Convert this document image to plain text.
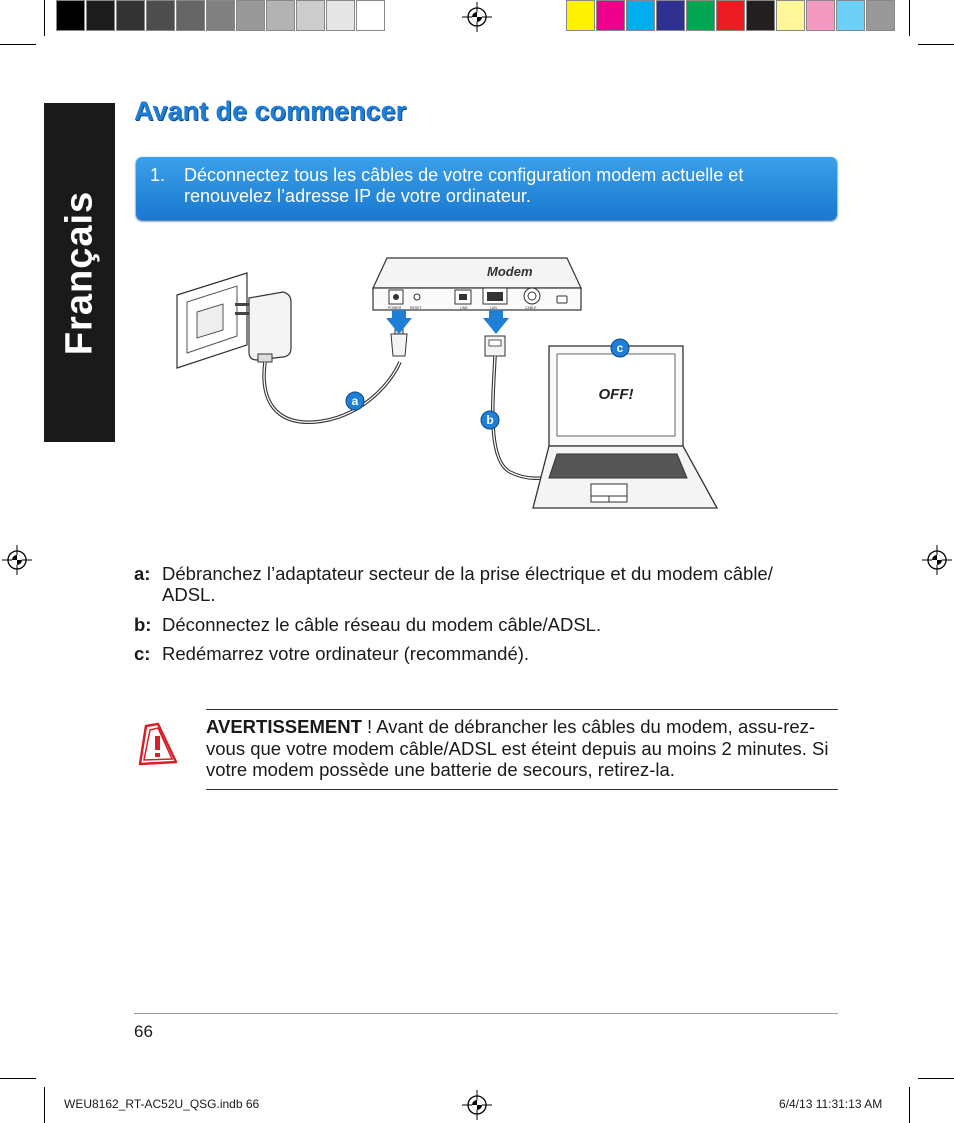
Français
Avant de commencer
1. Déconnectez tous les câbles de votre configuration modem actuelle et renouvelez l’adresse IP de votre ordinateur.
Modem
POWER	RESET	LINE	LAN	CABLE
OFF!
a
b
c
a: Débranchez l’adaptateur secteur de la prise électrique et du modem câble/ ADSL.
b: Déconnectez le câble réseau du modem câble/ADSL.
c: Redémarrez votre ordinateur (recommandé).
AVERTISSEMENT ! Avant de débrancher les câbles du modem, assu-rez-vous que votre modem câble/ADSL est éteint depuis au moins 2 minutes. Si votre modem possède une batterie de secours, retirez-la.
66
WEU8162_RT-AC52U_QSG.indb 66	6/4/13 11:31:13 AM
